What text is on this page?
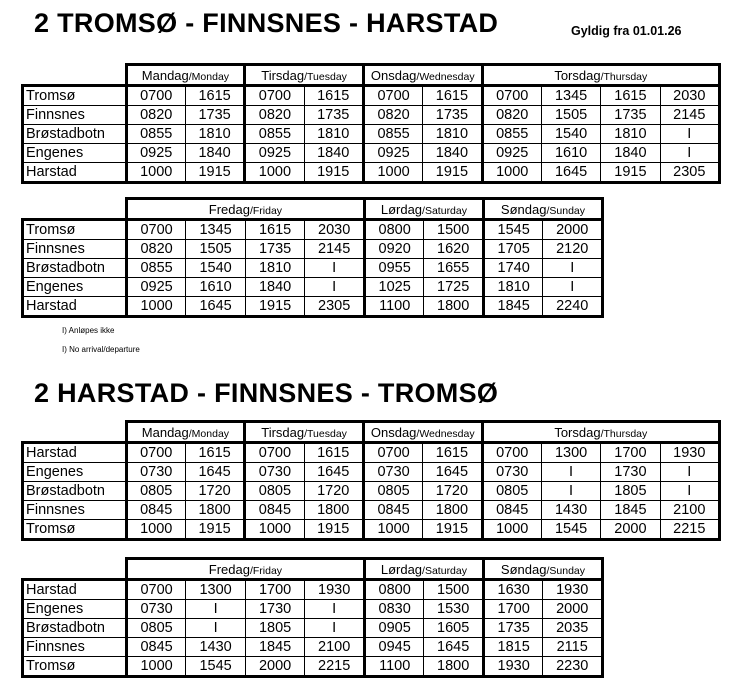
2 TROMSØ - FINNSNES - HARSTAD	Gyldig fra 01.01.26
	Mandag/Monday		Tirsdag/Tuesday		Onsdag/Wednesday		Torsdag/Thursday			
Tromsø	0700	1615	0700	1615	0700	1615	0700	1345	1615	2030
Finnsnes	0820	1735	0820	1735	0820	1735	0820	1505	1735	2145
Brøstadbotn	0855	1810	0855	1810	0855	1810	0855	1540	1810	I
Engenes	0925	1840	0925	1840	0925	1840	0925	1610	1840	I
Harstad	1000	1915	1000	1915	1000	1915	1000	1645	1915	2305
	Fredag/Friday				Lørdag/Saturday		Søndag/Sunday	
Tromsø	0700	1345	1615	2030	0800	1500	1545	2000
Finnsnes	0820	1505	1735	2145	0920	1620	1705	2120
Brøstadbotn	0855	1540	1810	I	0955	1655	1740	I
Engenes	0925	1610	1840	I	1025	1725	1810	I
Harstad	1000	1645	1915	2305	1100	1800	1845	2240
I) Anløpes ikke
I) No arrival/departure
2 HARSTAD - FINNSNES - TROMSØ
	Mandag/Monday		Tirsdag/Tuesday		Onsdag/Wednesday		Torsdag/Thursday			
Harstad	0700	1615	0700	1615	0700	1615	0700	1300	1700	1930
Engenes	0730	1645	0730	1645	0730	1645	0730	I	1730	I
Brøstadbotn	0805	1720	0805	1720	0805	1720	0805	I	1805	I
Finnsnes	0845	1800	0845	1800	0845	1800	0845	1430	1845	2100
Tromsø	1000	1915	1000	1915	1000	1915	1000	1545	2000	2215
	Fredag/Friday				Lørdag/Saturday		Søndag/Sunday	
Harstad	0700	1300	1700	1930	0800	1500	1630	1930
Engenes	0730	I	1730	I	0830	1530	1700	2000
Brøstadbotn	0805	I	1805	I	0905	1605	1735	2035
Finnsnes	0845	1430	1845	2100	0945	1645	1815	2115
Tromsø	1000	1545	2000	2215	1100	1800	1930	2230
